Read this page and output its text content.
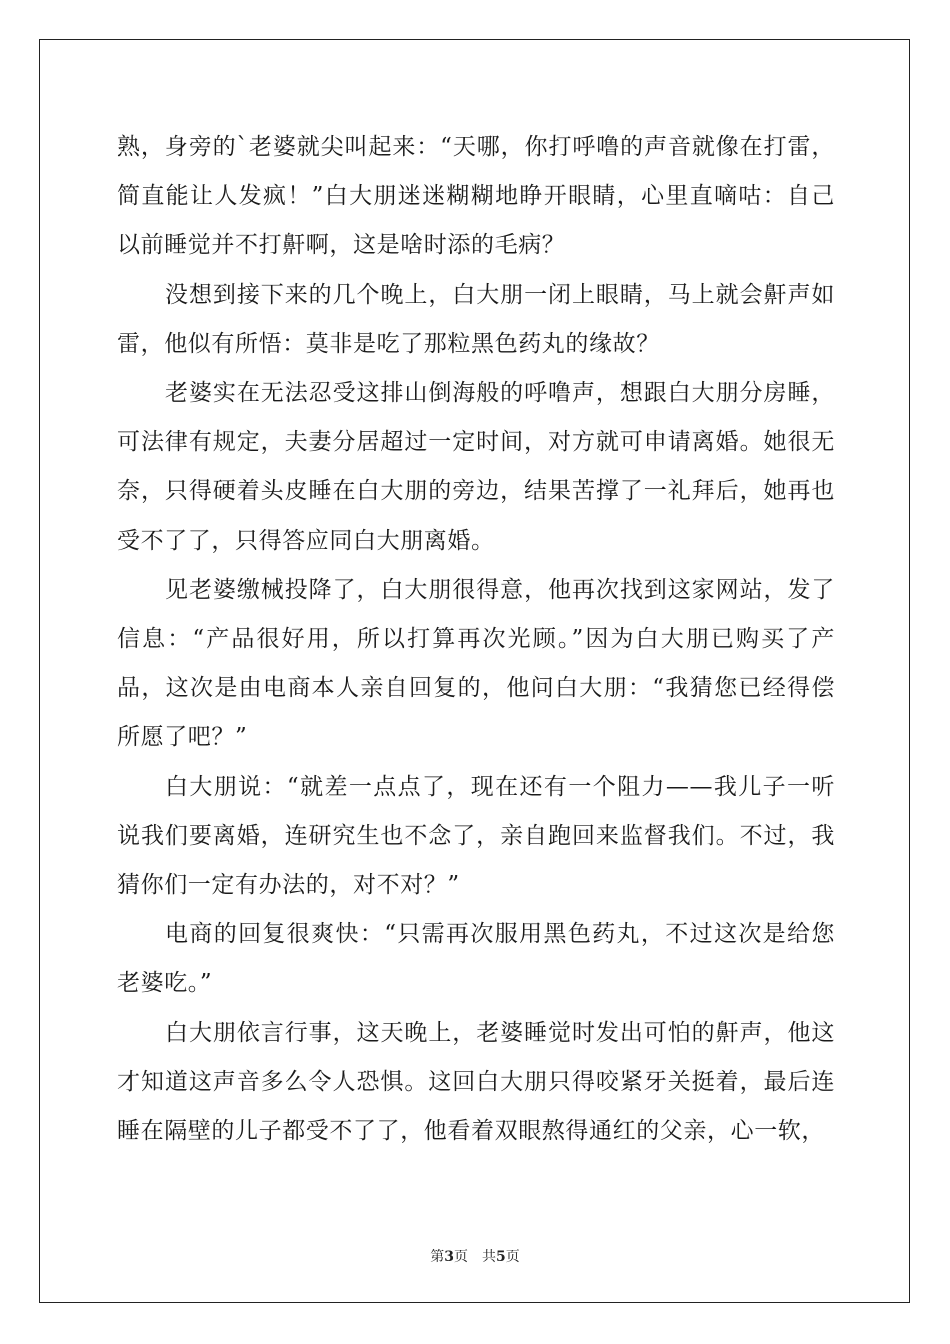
熟，身旁的`老婆就尖叫起来：“天哪，你打呼噜的声音就像在打雷，简直能让人发疯！”白大朋迷迷糊糊地睁开眼睛，心里直嘀咕：自己以前睡觉并不打鼾啊，这是啥时添的毛病？

没想到接下来的几个晚上，白大朋一闭上眼睛，马上就会鼾声如雷，他似有所悟：莫非是吃了那粒黑色药丸的缘故？

老婆实在无法忍受这排山倒海般的呼噜声，想跟白大朋分房睡，可法律有规定，夫妻分居超过一定时间，对方就可申请离婚。她很无奈，只得硬着头皮睡在白大朋的旁边，结果苦撑了一礼拜后，她再也受不了了，只得答应同白大朋离婚。

见老婆缴械投降了，白大朋很得意，他再次找到这家网站，发了信息：“产品很好用，所以打算再次光顾。”因为白大朋已购买了产品，这次是由电商本人亲自回复的，他问白大朋：“我猜您已经得偿所愿了吧？”

白大朋说：“就差一点点了，现在还有一个阻力——我儿子一听说我们要离婚，连研究生也不念了，亲自跑回来监督我们。不过，我猜你们一定有办法的，对不对？”

电商的回复很爽快：“只需再次服用黑色药丸，不过这次是给您老婆吃。”

白大朋依言行事，这天晚上，老婆睡觉时发出可怕的鼾声，他这才知道这声音多么令人恐惧。这回白大朋只得咬紧牙关挺着，最后连睡在隔壁的儿子都受不了了，他看着双眼熬得通红的父亲，心一软，

第3页 共5页
